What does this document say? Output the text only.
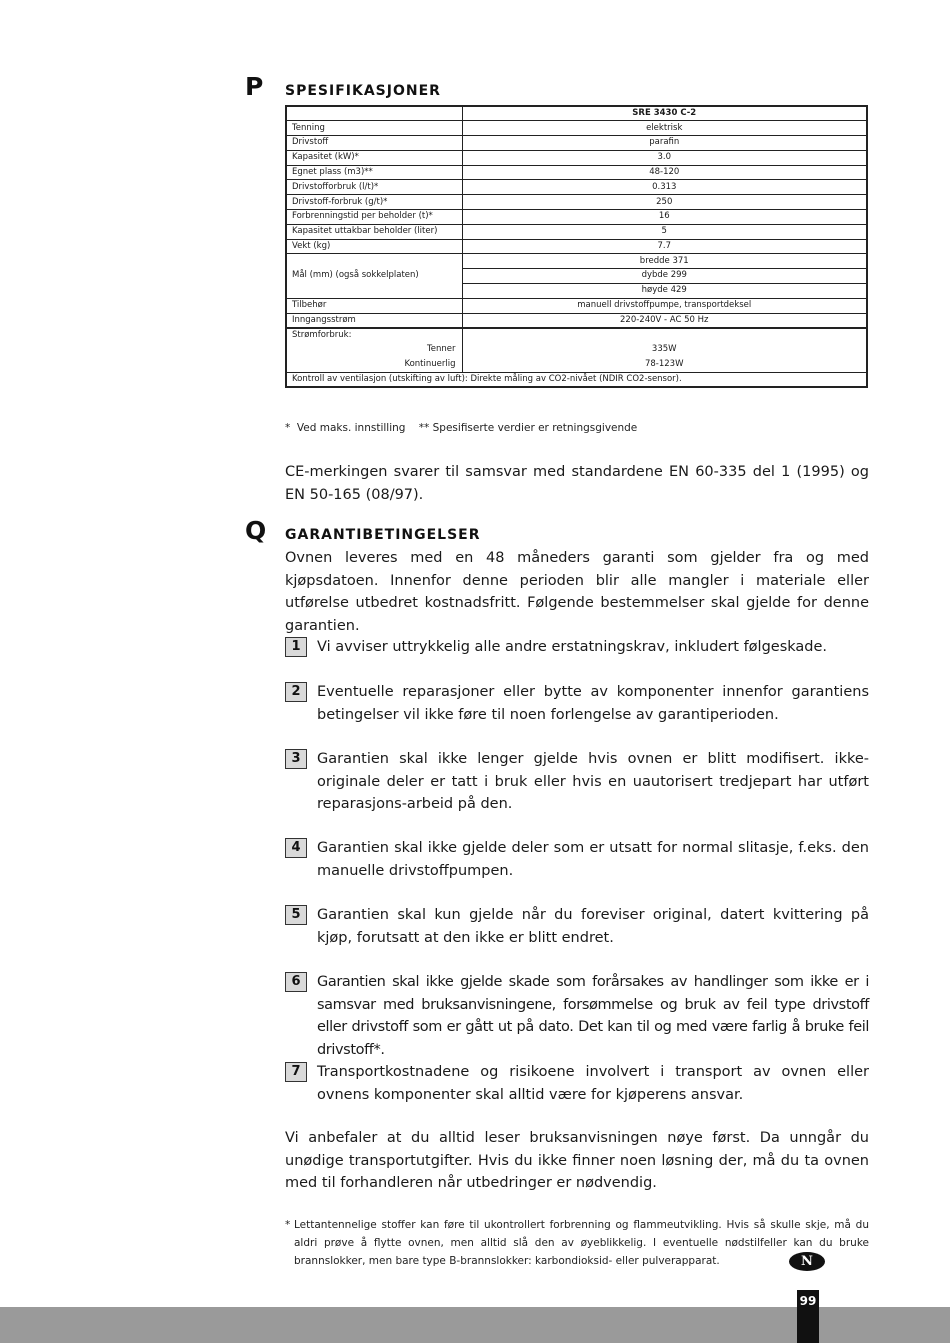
P SPESIFIKASJONER
	SRE 3430 C-2
Tenning	elektrisk
Drivstoff	parafin
Kapasitet (kW)*	3.0
Egnet plass (m3)**	48-120
Drivstofforbruk (l/t)*	0.313
Drivstoff-forbruk (g/t)*	250
Forbrenningstid per beholder (t)*	16
Kapasitet uttakbar beholder (liter)	5
Vekt (kg)	7.7
Mål (mm) (også sokkelplaten)	bredde 371
	dybde 299
	høyde 429
Tilbehør	manuell drivstoffpumpe, transportdeksel
Inngangsstrøm	220-240V - AC 50 Hz
Strømforbruk:	
Tenner	335W
Kontinuerlig	78-123W
Kontroll av ventilasjon (utskifting av luft): Direkte måling av CO2-nivået (NDIR CO2-sensor).	
*  Ved maks. innstilling    ** Spesifiserte verdier er retningsgivende
CE-merkingen svarer til samsvar med standardene EN 60-335 del 1 (1995) og EN 50-165 (08/97).
Q GARANTIBETINGELSER
Ovnen leveres med en 48 måneders garanti som gjelder fra og med kjøpsdatoen. Innenfor denne perioden blir alle mangler i materiale eller utførelse utbedret kostnadsfritt. Følgende bestemmelser skal gjelde for denne garantien.
1	Vi avviser uttrykkelig alle andre erstatningskrav, inkludert følgeskade.
2	Eventuelle reparasjoner eller bytte av komponenter innenfor garantiens betingelser vil ikke føre til noen forlengelse av garantiperioden.
3	Garantien skal ikke lenger gjelde hvis ovnen er blitt modifisert. ikke-originale deler er tatt i bruk eller hvis en uautorisert tredjepart har utført reparasjons-arbeid på den.
4	Garantien skal ikke gjelde deler som er utsatt for normal slitasje, f.eks. den manuelle drivstoffpumpen.
5	Garantien skal kun gjelde når du foreviser original, datert kvittering på kjøp, forutsatt at den ikke er blitt endret.
6	Garantien skal ikke gjelde skade som forårsakes av handlinger som ikke er i samsvar med bruksanvisningene, forsømmelse og bruk av feil type drivstoff eller drivstoff som er gått ut på dato. Det kan til og med være farlig å bruke feil drivstoff*.
7	Transportkostnadene og risikoene involvert i transport av ovnen eller ovnens komponenter skal alltid være for kjøperens ansvar.
Vi anbefaler at du alltid leser bruksanvisningen nøye først. Da unngår du unødige transportutgifter. Hvis du ikke finner noen løsning der, må du ta ovnen med til forhandleren når utbedringer er nødvendig.
* Lettantennelige stoffer kan føre til ukontrollert forbrenning og flammeutvikling. Hvis så skulle skje, må du aldri prøve å flytte ovnen, men alltid slå den av øyeblikkelig. I eventuelle nødstilfeller kan du bruke brannslokker, men bare type B-brannslokker: karbondioksid- eller pulverapparat.	N
99
